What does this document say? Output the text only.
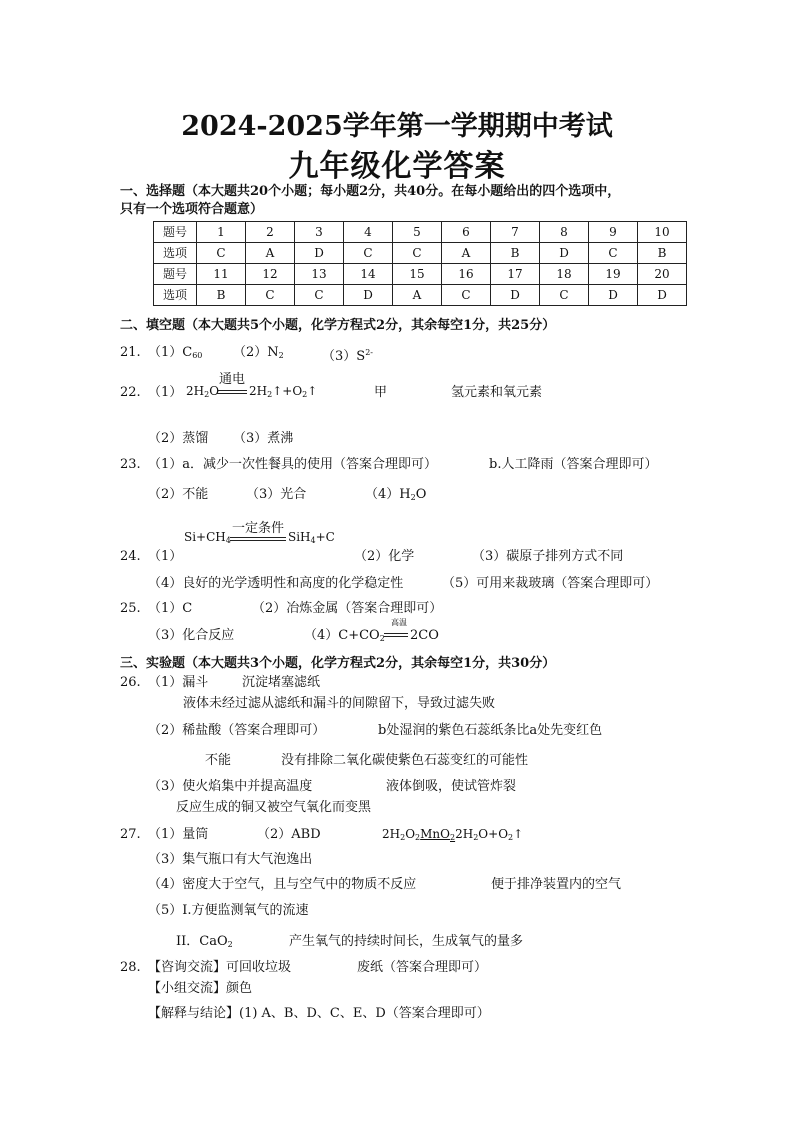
2024-2025学年第一学期期中考试
九年级化学答案
一、选择题（本大题共20个小题；每小题2分，共40分。在每小题给出的四个选项中，
只有一个选项符合题意）
题号	1	2	3	4	5	6	7	8	9	10
选项	C	A	D	C	C	A	B	D	C	B
题号	11	12	13	14	15	16	17	18	19	20
选项	B	C	C	D	A	C	D	C	D	D
二、填空题（本大题共5个小题，化学方程式2分，其余每空1分，共25分）
21. $(1)C_{60}$ $(2)N_2$	$(3)S^{2-}$
22. （1） $2H_2O$
通电
$2H_2↑+O_2↑$	甲	氢元素和氧元素
（2）蒸馏 （3）煮沸
23. （1）a．减少一次性餐具的使用（答案合理即可）	b.人工降雨（答案合理即可）
（2）不能	（3）光合	$(4)H_2O$
$Si+CH_4$
一定条件
SiH$_4$+C
24. （1）	（2）化学	（3）碳原子排列方式不同
（4）良好的光学透明性和高度的化学稳定性	（5）可用来裁玻璃（答案合理即可）
25. （1）C	（2）冶炼金属（答案合理即可）
（3）化合反应	$(4)C+CO_2$
高温
2CO
三、实验题（本大题共3个小题，化学方程式2分，其余每空1分，共30分）
26. （1）漏斗	沉淀堵塞滤纸
液体未经过滤从滤纸和漏斗的间隙留下，导致过滤失败
（2）稀盐酸（答案合理即可）	b处湿润的紫色石蕊纸条比a处先变红色
不能	没有排除二氧化碳使紫色石蕊变红的可能性
（3）使火焰集中并提高温度	液体倒吸，使试管炸裂
反应生成的铜又被空气氧化而变黑
27. （1）量筒	（2）ABD	$2H_2O_2MnO_22H_2O+O_2↑$
（3）集气瓶口有大气泡逸出
（4）密度大于空气，且与空气中的物质不反应	便于排净装置内的空气
（5）I.方便监测氧气的流速
II．CaO$_2$	产生氧气的持续时间长，生成氧气的量多
28. 【咨询交流】可回收垃圾	废纸（答案合理即可）
【小组交流】颜色
【解释与结论】(1) A、B、D、C、E、D（答案合理即可）
